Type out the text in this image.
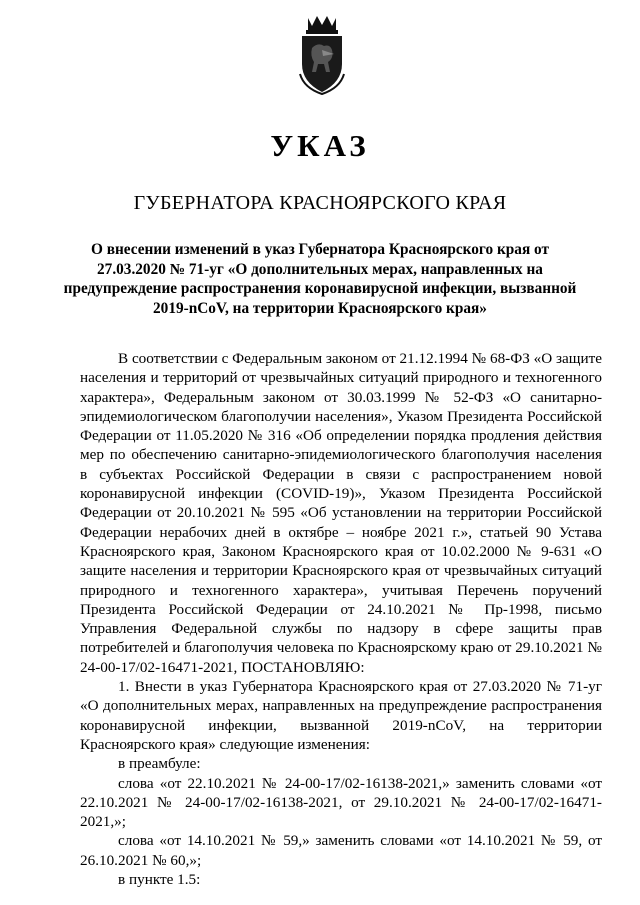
УКАЗ
ГУБЕРНАТОРА КРАСНОЯРСКОГО КРАЯ
О внесении изменений в указ Губернатора Красноярского края от 27.03.2020 № 71-уг «О дополнительных мерах, направленных на предупреждение распространения коронавирусной инфекции, вызванной 2019-nCoV, на территории Красноярского края»

В соответствии с Федеральным законом от 21.12.1994 № 68-ФЗ «О защите населения и территорий от чрезвычайных ситуаций природного и техногенного характера», Федеральным законом от 30.03.1999 № 52-ФЗ «О санитарно-эпидемиологическом благополучии населения», Указом Президента Российской Федерации от 11.05.2020 № 316 «Об определении порядка продления действия мер по обеспечению санитарно-эпидемиологического благополучия населения в субъектах Российской Федерации в связи с распространением новой коронавирусной инфекции (COVID-19)», Указом Президента Российской Федерации от 20.10.2021 № 595 «Об установлении на территории Российской Федерации нерабочих дней в октябре – ноябре 2021 г.», статьей 90 Устава Красноярского края, Законом Красноярского края от 10.02.2000 № 9-631 «О защите населения и территории Красноярского края от чрезвычайных ситуаций природного и техногенного характера», учитывая Перечень поручений Президента Российской Федерации от 24.10.2021 № Пр-1998, письмо Управления Федеральной службы по надзору в сфере защиты прав потребителей и благополучия человека по Красноярскому краю от 29.10.2021 № 24-00-17/02-16471-2021, ПОСТАНОВЛЯЮ:

1. Внести в указ Губернатора Красноярского края от 27.03.2020 № 71-уг «О дополнительных мерах, направленных на предупреждение распространения коронавирусной инфекции, вызванной 2019-nCoV, на территории Красноярского края» следующие изменения:

в преамбуле:

слова «от 22.10.2021 № 24-00-17/02-16138-2021,» заменить словами «от 22.10.2021 № 24-00-17/02-16138-2021, от 29.10.2021 № 24-00-17/02-16471-2021,»;

слова «от 14.10.2021 № 59,» заменить словами «от 14.10.2021 № 59, от 26.10.2021 № 60,»;

в пункте 1.5:
